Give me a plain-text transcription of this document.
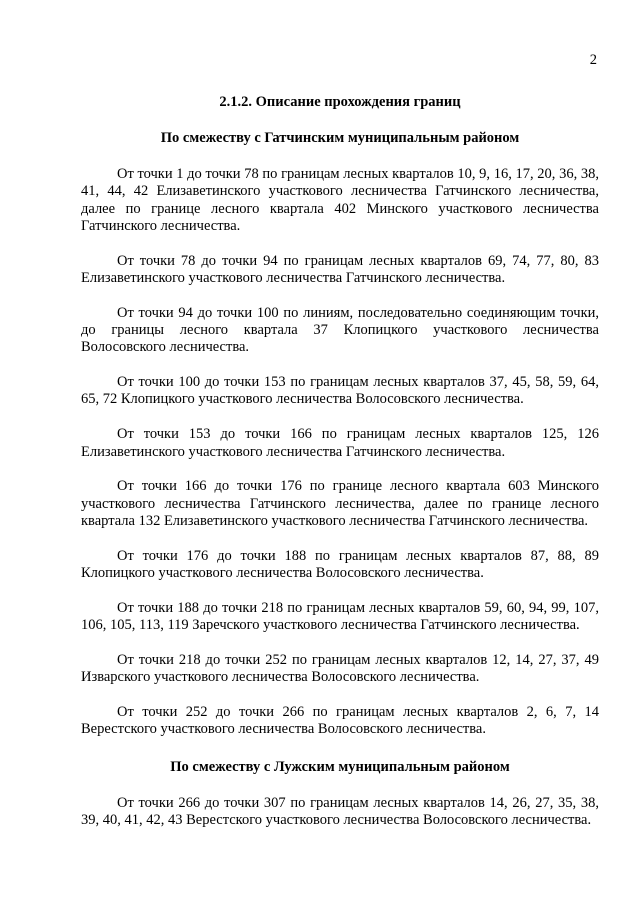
2
2.1.2. Описание прохождения границ
По смежеству с Гатчинским муниципальным районом

От точки 1 до точки 78 по границам лесных кварталов 10, 9, 16, 17, 20, 36, 38, 41, 44, 42 Елизаветинского участкового лесничества Гатчинского лесничества, далее по границе лесного квартала 402 Минского участкового лесничества Гатчинского лесничества.

От точки 78 до точки 94 по границам лесных кварталов 69, 74, 77, 80, 83 Елизаветинского участкового лесничества Гатчинского лесничества.

От точки 94 до точки 100 по линиям, последовательно соединяющим точки, до границы лесного квартала 37 Клопицкого участкового лесничества Волосовского лесничества.

От точки 100 до точки 153 по границам лесных кварталов 37, 45, 58, 59, 64, 65, 72 Клопицкого участкового лесничества Волосовского лесничества.

От точки 153 до точки 166 по границам лесных кварталов 125, 126 Елизаветинского участкового лесничества Гатчинского лесничества.

От точки 166 до точки 176 по границе лесного квартала 603 Минского участкового лесничества Гатчинского лесничества, далее по границе лесного квартала 132 Елизаветинского участкового лесничества Гатчинского лесничества.

От точки 176 до точки 188 по границам лесных кварталов 87, 88, 89 Клопицкого участкового лесничества Волосовского лесничества.

От точки 188 до точки 218 по границам лесных кварталов 59, 60, 94, 99, 107, 106, 105, 113, 119 Заречского участкового лесничества Гатчинского лесничества.

От точки 218 до точки 252 по границам лесных кварталов 12, 14, 27, 37, 49 Изварского участкового лесничества Волосовского лесничества.

От точки 252 до точки 266 по границам лесных кварталов 2, 6, 7, 14 Верестского участкового лесничества Волосовского лесничества.

По смежеству с Лужским муниципальным районом

От точки 266 до точки 307 по границам лесных кварталов 14, 26, 27, 35, 38, 39, 40, 41, 42, 43 Верестского участкового лесничества Волосовского лесничества.
